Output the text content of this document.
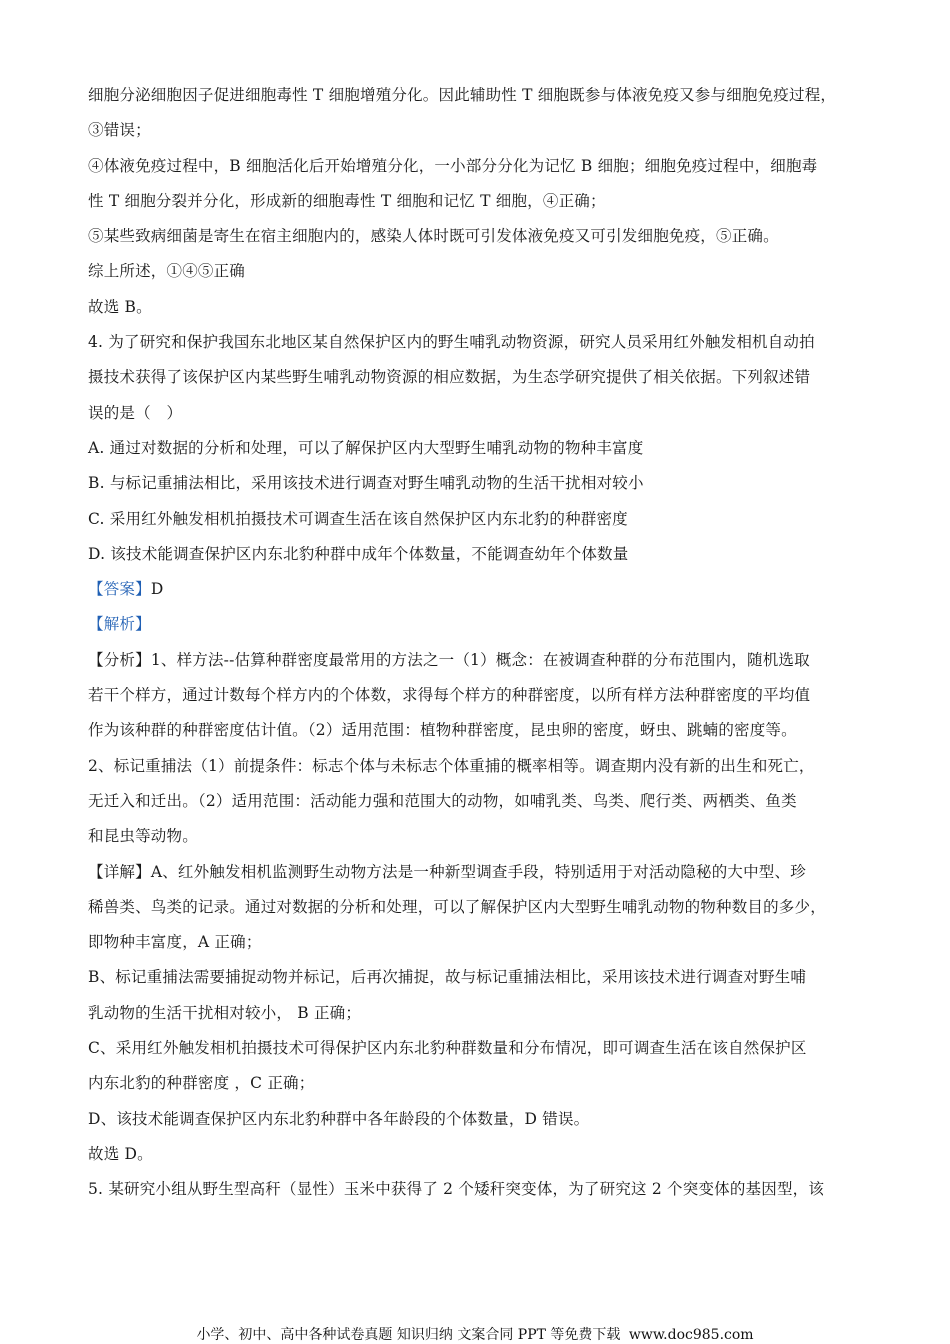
细胞分泌细胞因子促进细胞毒性 T 细胞增殖分化。因此辅助性 T 细胞既参与体液免疫又参与细胞免疫过程，
③错误；
④体液免疫过程中，B 细胞活化后开始增殖分化，一小部分分化为记忆 B 细胞；细胞免疫过程中，细胞毒
性 T 细胞分裂并分化，形成新的细胞毒性 T 细胞和记忆 T 细胞，④正确；
⑤某些致病细菌是寄生在宿主细胞内的，感染人体时既可引发体液免疫又可引发细胞免疫，⑤正确。
综上所述，①④⑤正确
故选 B。
4. 为了研究和保护我国东北地区某自然保护区内的野生哺乳动物资源，研究人员采用红外触发相机自动拍
摄技术获得了该保护区内某些野生哺乳动物资源的相应数据，为生态学研究提供了相关依据。下列叙述错
误的是（　）
A. 通过对数据的分析和处理，可以了解保护区内大型野生哺乳动物的物种丰富度
B. 与标记重捕法相比，采用该技术进行调查对野生哺乳动物的生活干扰相对较小
C. 采用红外触发相机拍摄技术可调查生活在该自然保护区内东北豹的种群密度
D. 该技术能调查保护区内东北豹种群中成年个体数量，不能调查幼年个体数量
【答案】D
【解析】
【分析】1、样方法--估算种群密度最常用的方法之一（1）概念：在被调查种群的分布范围内，随机选取
若干个样方，通过计数每个样方内的个体数，求得每个样方的种群密度，以所有样方法种群密度的平均值
作为该种群的种群密度估计值。（2）适用范围：植物种群密度，昆虫卵的密度，蚜虫、跳蝻的密度等。
2、标记重捕法（1）前提条件：标志个体与未标志个体重捕的概率相等。调查期内没有新的出生和死亡，
无迁入和迁出。（2）适用范围：活动能力强和范围大的动物，如哺乳类、鸟类、爬行类、两栖类、鱼类
和昆虫等动物。
【详解】A、红外触发相机监测野生动物方法是一种新型调查手段，特别适用于对活动隐秘的大中型、珍
稀兽类、鸟类的记录。通过对数据的分析和处理，可以了解保护区内大型野生哺乳动物的物种数目的多少，
即物种丰富度，A 正确；
B、标记重捕法需要捕捉动物并标记，后再次捕捉，故与标记重捕法相比，采用该技术进行调查对野生哺
乳动物的生活干扰相对较小， B 正确；
C、采用红外触发相机拍摄技术可得保护区内东北豹种群数量和分布情况，即可调查生活在该自然保护区
内东北豹的种群密度 ，C 正确；
D、该技术能调查保护区内东北豹种群中各年龄段的个体数量，D 错误。
故选 D。
5. 某研究小组从野生型高秆（显性）玉米中获得了 2 个矮秆突变体，为了研究这 2 个突变体的基因型，该
小学、初中、高中各种试卷真题 知识归纳 文案合同 PPT 等免费下载 www.doc985.com
